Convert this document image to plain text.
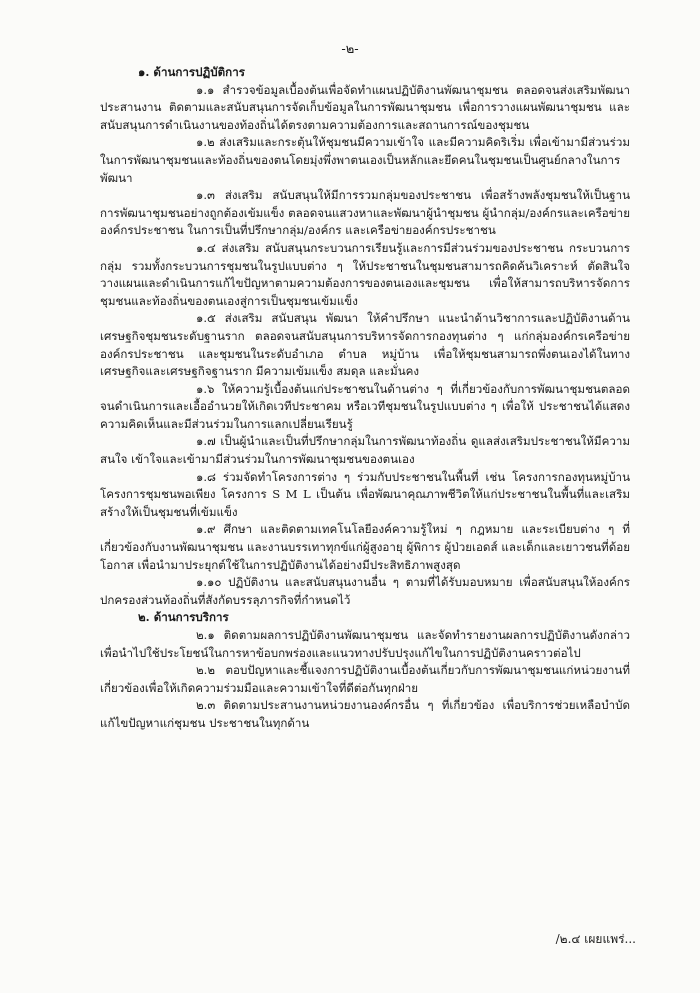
-๒-

๑. ด้านการปฏิบัติการ

๑.๑ สำรวจข้อมูลเบื้องต้นเพื่อจัดทำแผนปฏิบัติงานพัฒนาชุมชน ตลอดจนส่งเสริมพัฒนาประสานงาน ติดตามและสนับสนุนการจัดเก็บข้อมูลในการพัฒนาชุมชน เพื่อการวางแผนพัฒนาชุมชน และสนับสนุนการดำเนินงานของท้องถิ่นได้ตรงตามความต้องการและสถานการณ์ของชุมชน

๑.๒ ส่งเสริมและกระตุ้นให้ชุมชนมีความเข้าใจ และมีความคิดริเริ่ม เพื่อเข้ามามีส่วนร่วมในการพัฒนาชุมชนและท้องถิ่นของตนโดยมุ่งพึ่งพาตนเองเป็นหลักและยึดคนในชุมชนเป็นศูนย์กลางในการพัฒนา

๑.๓ ส่งเสริม สนับสนุนให้มีการรวมกลุ่มของประชาชน เพื่อสร้างพลังชุมชนให้เป็นฐานการพัฒนาชุมชนอย่างถูกต้องเข้มแข็ง ตลอดจนแสวงหาและพัฒนาผู้นำชุมชน ผู้นำกลุ่ม/องค์กรและเครือข่ายองค์กรประชาชน ในการเป็นที่ปรึกษากลุ่ม/องค์กร และเครือข่ายองค์กรประชาชน

๑.๔ ส่งเสริม สนับสนุนกระบวนการเรียนรู้และการมีส่วนร่วมของประชาชน กระบวนการกลุ่ม รวมทั้งกระบวนการชุมชนในรูปแบบต่าง ๆ ให้ประชาชนในชุมชนสามารถคิดค้นวิเคราะห์ ตัดสินใจ วางแผนและดำเนินการแก้ไขปัญหาตามความต้องการของตนเองและชุมชน เพื่อให้สามารถบริหารจัดการชุมชนและท้องถิ่นของตนเองสู่การเป็นชุมชนเข้มแข็ง

๑.๕ ส่งเสริม สนับสนุน พัฒนา ให้คำปรึกษา แนะนำด้านวิชาการและปฏิบัติงานด้านเศรษฐกิจชุมชนระดับฐานราก ตลอดจนสนับสนุนการบริหารจัดการกองทุนต่าง ๆ แก่กลุ่มองค์กรเครือข่าย องค์กรประชาชน และชุมชนในระดับอำเภอ ตำบล หมู่บ้าน เพื่อให้ชุมชนสามารถพึ่งตนเองได้ในทางเศรษฐกิจและเศรษฐกิจฐานราก มีความเข้มแข็ง สมดุล และมั่นคง

๑.๖ ให้ความรู้เบื้องต้นแก่ประชาชนในด้านต่าง ๆ ที่เกี่ยวข้องกับการพัฒนาชุมชนตลอดจนดำเนินการและเอื้ออำนวยให้เกิดเวทีประชาคม หรือเวทีชุมชนในรูปแบบต่าง ๆ เพื่อให้ ประชาชนได้แสดงความคิดเห็นและมีส่วนร่วมในการแลกเปลี่ยนเรียนรู้

๑.๗ เป็นผู้นำและเป็นที่ปรึกษากลุ่มในการพัฒนาท้องถิ่น ดูแลส่งเสริมประชาชนให้มีความสนใจ เข้าใจและเข้ามามีส่วนร่วมในการพัฒนาชุมชนของตนเอง

๑.๘ ร่วมจัดทำโครงการต่าง ๆ ร่วมกับประชาชนในพื้นที่ เช่น โครงการกองทุนหมู่บ้านโครงการชุมชนพอเพียง โครงการ S M L เป็นต้น เพื่อพัฒนาคุณภาพชีวิตให้แก่ประชาชนในพื้นที่และเสริมสร้างให้เป็นชุมชนที่เข้มแข็ง

๑.๙ ศึกษา และติดตามเทคโนโลยีองค์ความรู้ใหม่ ๆ กฎหมาย และระเบียบต่าง ๆ ที่เกี่ยวข้องกับงานพัฒนาชุมชน และงานบรรเทาทุกข์แก่ผู้สูงอายุ ผู้พิการ ผู้ป่วยเอดส์ และเด็กและเยาวชนที่ด้อยโอกาส เพื่อนำมาประยุกต์ใช้ในการปฏิบัติงานได้อย่างมีประสิทธิภาพสูงสุด

๑.๑๐ ปฏิบัติงาน และสนับสนุนงานอื่น ๆ ตามที่ได้รับมอบหมาย เพื่อสนับสนุนให้องค์กรปกครองส่วนท้องถิ่นที่สังกัดบรรลุภารกิจที่กำหนดไว้

๒. ด้านการบริการ

๒.๑ ติดตามผลการปฏิบัติงานพัฒนาชุมชน และจัดทำรายงานผลการปฏิบัติงานดังกล่าว เพื่อนำไปใช้ประโยชน์ในการหาข้อบกพร่องและแนวทางปรับปรุงแก้ไขในการปฏิบัติงานคราวต่อไป

๒.๒ ตอบปัญหาและชี้แจงการปฏิบัติงานเบื้องต้นเกี่ยวกับการพัฒนาชุมชนแก่หน่วยงานที่เกี่ยวข้องเพื่อให้เกิดความร่วมมือและความเข้าใจที่ดีต่อกันทุกฝ่าย

๒.๓ ติดตามประสานงานหน่วยงานองค์กรอื่น ๆ ที่เกี่ยวข้อง เพื่อบริการช่วยเหลือบำบัด แก้ไขปัญหาแก่ชุมชน ประชาชนในทุกด้าน

/๒.๔ เผยแพร่...
